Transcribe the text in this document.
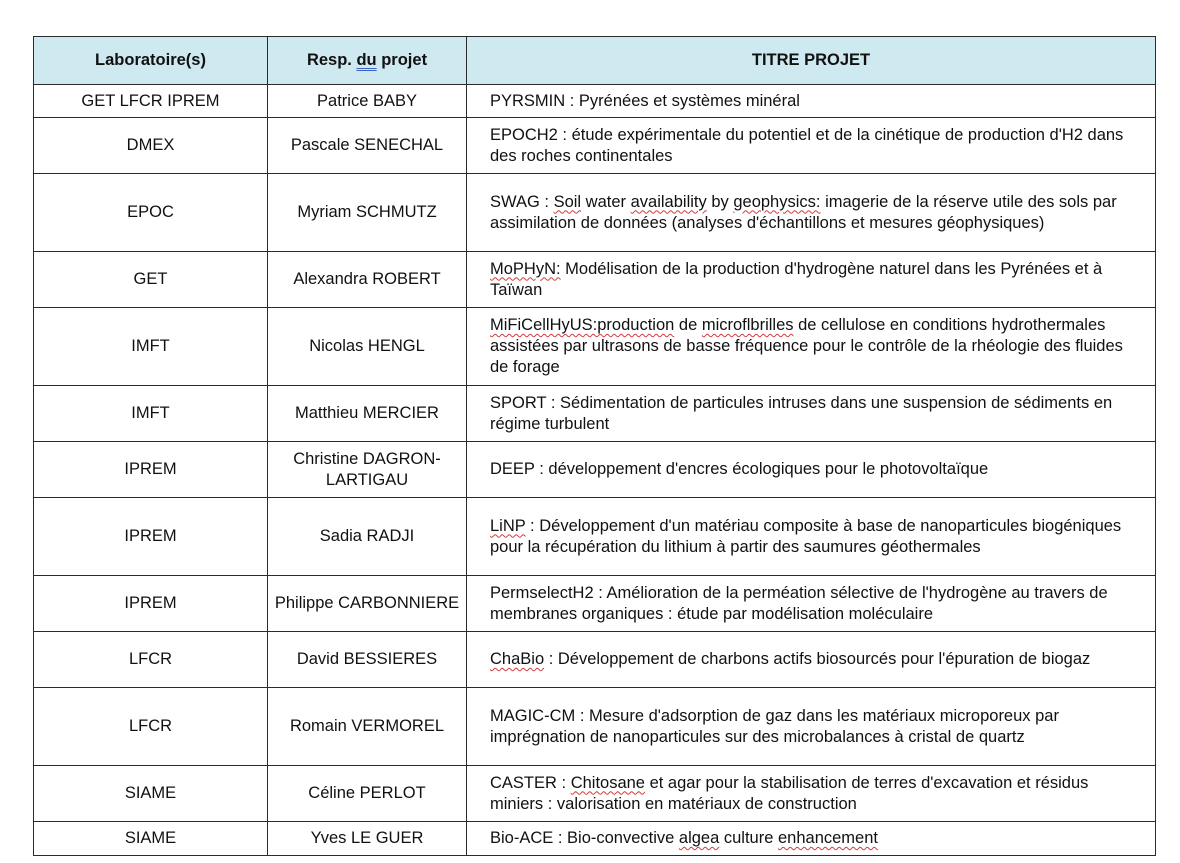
Laboratoire(s)	Resp. du projet	TITRE PROJET
GET LFCR IPREM	Patrice BABY	PYRSMIN : Pyrénées et systèmes minéral
DMEX	Pascale SENECHAL	EPOCH2 : étude expérimentale du potentiel et de la cinétique de production d'H2 dans des roches continentales
EPOC	Myriam SCHMUTZ	SWAG : Soil water availability by geophysics: imagerie de la réserve utile des sols par assimilation de données (analyses d'échantillons et mesures géophysiques)
GET	Alexandra ROBERT	MoPHyN: Modélisation de la production d'hydrogène naturel dans les Pyrénées et à Taïwan
IMFT	Nicolas HENGL	MiFiCellHyUS:production de microflbrilles de cellulose en conditions hydrothermales assistées par ultrasons de basse fréquence pour le contrôle de la rhéologie des fluides de forage
IMFT	Matthieu MERCIER	SPORT : Sédimentation de particules intruses dans une suspension de sédiments en régime turbulent
IPREM	Christine DAGRON-LARTIGAU	DEEP : développement d'encres écologiques pour le photovoltaïque
IPREM	Sadia RADJI	LiNP : Développement d'un matériau composite à base de nanoparticules biogéniques pour la récupération du lithium à partir des saumures géothermales
IPREM	Philippe CARBONNIERE	PermselectH2 : Amélioration de la perméation sélective de l'hydrogène au travers de membranes organiques : étude par modélisation moléculaire
LFCR	David BESSIERES	ChaBio : Développement de charbons actifs biosourcés pour l'épuration de biogaz
LFCR	Romain VERMOREL	MAGIC-CM : Mesure d'adsorption de gaz dans les matériaux microporeux par imprégnation de nanoparticules sur des microbalances à cristal de quartz
SIAME	Céline PERLOT	CASTER : Chitosane et agar pour la stabilisation de terres d'excavation et résidus miniers : valorisation en matériaux de construction
SIAME	Yves LE GUER	Bio-ACE : Bio-convective algea culture enhancement
